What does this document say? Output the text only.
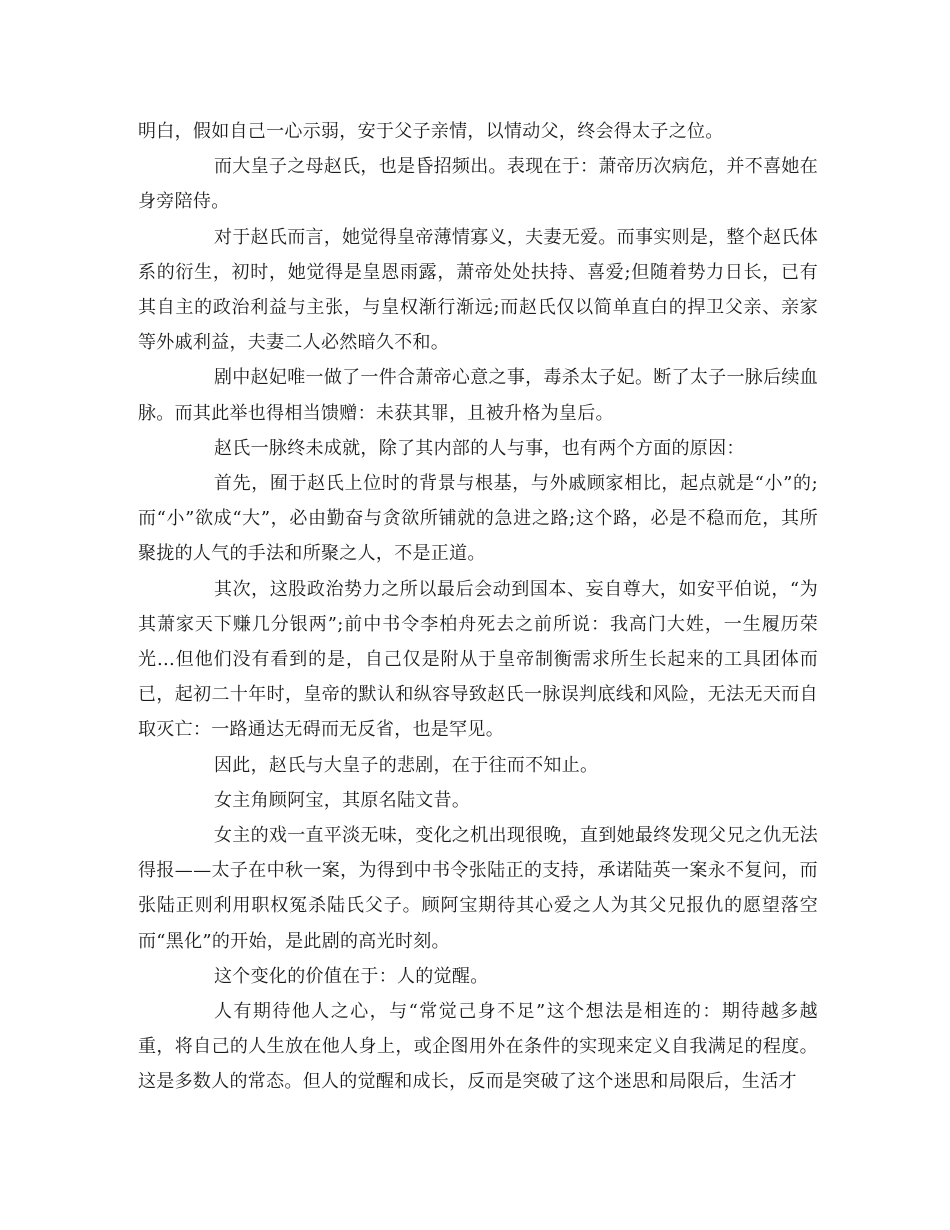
明白，假如自己一心示弱，安于父子亲情，以情动父，终会得太子之位。

而大皇子之母赵氏，也是昏招频出。表现在于：萧帝历次病危，并不喜她在身旁陪侍。

对于赵氏而言，她觉得皇帝薄情寡义，夫妻无爱。而事实则是，整个赵氏体系的衍生，初时，她觉得是皇恩雨露，萧帝处处扶持、喜爱;但随着势力日长，已有其自主的政治利益与主张，与皇权渐行渐远;而赵氏仅以简单直白的捍卫父亲、亲家等外戚利益，夫妻二人必然暗久不和。

剧中赵妃唯一做了一件合萧帝心意之事，毒杀太子妃。断了太子一脉后续血脉。而其此举也得相当馈赠：未获其罪，且被升格为皇后。

赵氏一脉终未成就，除了其内部的人与事，也有两个方面的原因：

首先，囿于赵氏上位时的背景与根基，与外戚顾家相比，起点就是“小”的;而“小”欲成“大”，必由勤奋与贪欲所铺就的急进之路;这个路，必是不稳而危，其所聚拢的人气的手法和所聚之人，不是正道。

其次，这股政治势力之所以最后会动到国本、妄自尊大，如安平伯说，“为其萧家天下赚几分银两”;前中书令李柏舟死去之前所说：我高门大姓，一生履历荣光…但他们没有看到的是，自己仅是附从于皇帝制衡需求所生长起来的工具团体而已，起初二十年时，皇帝的默认和纵容导致赵氏一脉误判底线和风险，无法无天而自取灭亡：一路通达无碍而无反省，也是罕见。

因此，赵氏与大皇子的悲剧，在于往而不知止。

女主角顾阿宝，其原名陆文昔。

女主的戏一直平淡无味，变化之机出现很晚，直到她最终发现父兄之仇无法得报——太子在中秋一案，为得到中书令张陆正的支持，承诺陆英一案永不复问，而张陆正则利用职权冤杀陆氏父子。顾阿宝期待其心爱之人为其父兄报仇的愿望落空而“黑化”的开始，是此剧的高光时刻。

这个变化的价值在于：人的觉醒。

人有期待他人之心，与“常觉己身不足”这个想法是相连的：期待越多越重，将自己的人生放在他人身上，或企图用外在条件的实现来定义自我满足的程度。这是多数人的常态。但人的觉醒和成长，反而是突破了这个迷思和局限后，生活才
